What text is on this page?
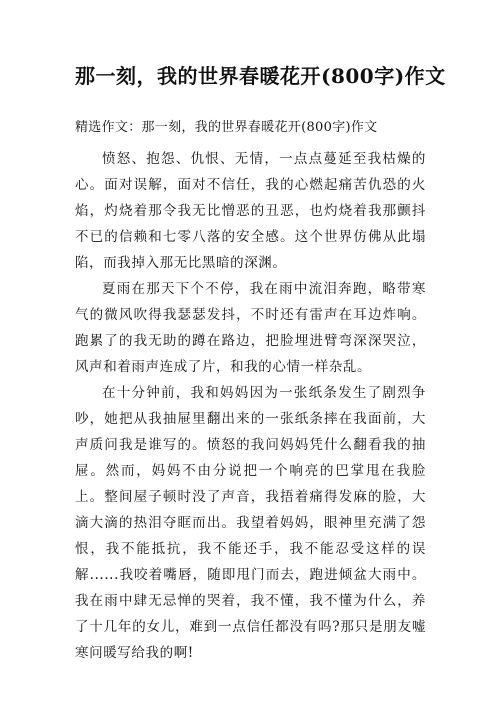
那一刻，我的世界春暖花开(800字)作文

精选作文：那一刻，我的世界春暖花开(800字)作文

愤怒、抱怨、仇恨、无情，一点点蔓延至我枯燥的心。面对误解，面对不信任，我的心燃起痛苦仇恐的火焰，灼烧着那令我无比憎恶的丑恶，也灼烧着我那颤抖不已的信赖和七零八落的安全感。这个世界仿佛从此塌陷，而我掉入那无比黑暗的深渊。

夏雨在那天下个不停，我在雨中流泪奔跑，略带寒气的微风吹得我瑟瑟发抖，不时还有雷声在耳边炸响。跑累了的我无助的蹲在路边，把脸埋进臂弯深深哭泣，风声和着雨声连成了片，和我的心情一样杂乱。

在十分钟前，我和妈妈因为一张纸条发生了剧烈争吵，她把从我抽屉里翻出来的一张纸条摔在我面前，大声质问我是谁写的。愤怒的我问妈妈凭什么翻看我的抽屉。然而，妈妈不由分说把一个响亮的巴掌甩在我脸上。整间屋子顿时没了声音，我捂着痛得发麻的脸，大滴大滴的热泪夺眶而出。我望着妈妈，眼神里充满了怨恨，我不能抵抗，我不能还手，我不能忍受这样的误解......我咬着嘴唇，随即甩门而去，跑进倾盆大雨中。我在雨中肆无忌惮的哭着，我不懂，我不懂为什么，养了十几年的女儿，难到一点信任都没有吗?那只是朋友嘘寒问暖写给我的啊!
